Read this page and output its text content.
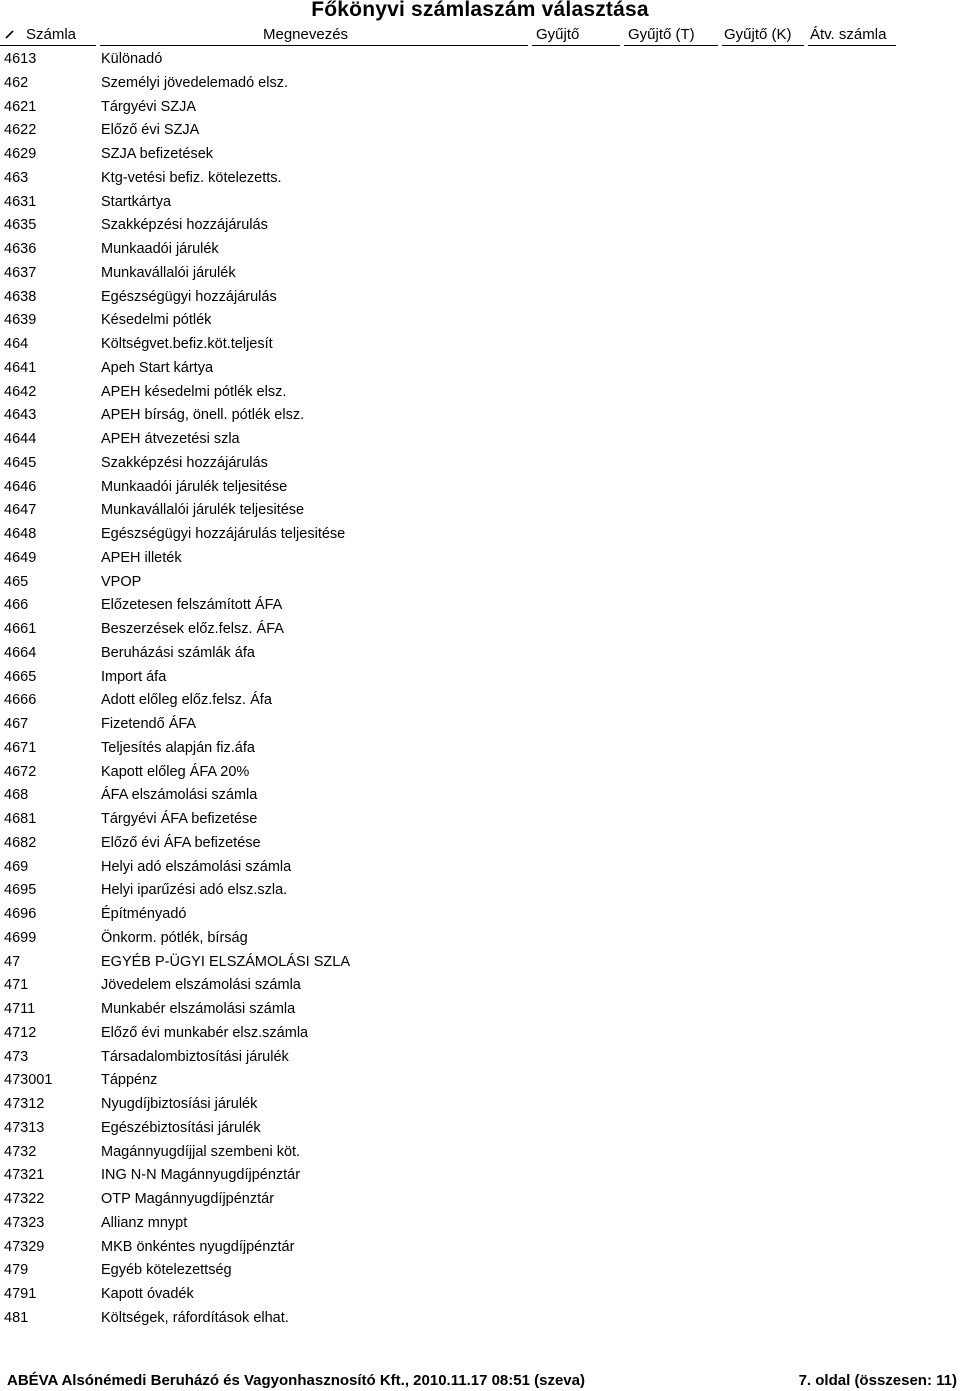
Főkönyvi számlaszám választása
Számla	Megnevezés	Gyűjtő	Gyűjtő (T) Gyűjtő (K) Átv. számla
4613	Különadó
462	Személyi jövedelemadó elsz.
4621	Tárgyévi SZJA
4622	Előző évi SZJA
4629	SZJA befizetések
463	Ktg-vetési befiz. kötelezetts.
4631	Startkártya
4635	Szakképzési hozzájárulás
4636	Munkaadói járulék
4637	Munkavállalói járulék
4638	Egészségügyi hozzájárulás
4639	Késedelmi pótlék
464	Költségvet.befiz.köt.teljesít
4641	Apeh Start kártya
4642	APEH késedelmi pótlék elsz.
4643	APEH bírság, önell. pótlék elsz.
4644	APEH átvezetési szla
4645	Szakképzési hozzájárulás
4646	Munkaadói járulék teljesitése
4647	Munkavállalói járulék teljesitése
4648	Egészségügyi hozzájárulás teljesitése
4649	APEH illeték
465	VPOP
466	Előzetesen felszámított ÁFA
4661	Beszerzések előz.felsz. ÁFA
4664	Beruházási számlák áfa
4665	Import áfa
4666	Adott előleg előz.felsz. Áfa
467	Fizetendő ÁFA
4671	Teljesítés alapján fiz.áfa
4672	Kapott előleg ÁFA 20%
468	ÁFA elszámolási számla
4681	Tárgyévi ÁFA befizetése
4682	Előző évi ÁFA befizetése
469	Helyi adó elszámolási számla
4695	Helyi iparűzési adó elsz.szla.
4696	Építményadó
4699	Önkorm. pótlék, bírság
47	EGYÉB P-ÜGYI ELSZÁMOLÁSI SZLA
471	Jövedelem elszámolási számla
4711	Munkabér elszámolási számla
4712	Előző évi munkabér elsz.számla
473	Társadalombiztosítási járulék
473001	Táppénz
47312	Nyugdíjbiztosíási járulék
47313	Egészébiztosítási járulék
4732	Magánnyugdíjjal szembeni köt.
47321	ING N-N Magánnyugdíjpénztár
47322	OTP Magánnyugdíjpénztár
47323	Allianz mnypt
47329	MKB önkéntes nyugdíjpénztár
479	Egyéb kötelezettség
4791	Kapott óvadék
481	Költségek, ráfordítások elhat.
ABÉVA Alsónémedi Beruházó és Vagyonhasznosító Kft., 2010.11.17 08:51 (szeva)	7. oldal (összesen: 11)
